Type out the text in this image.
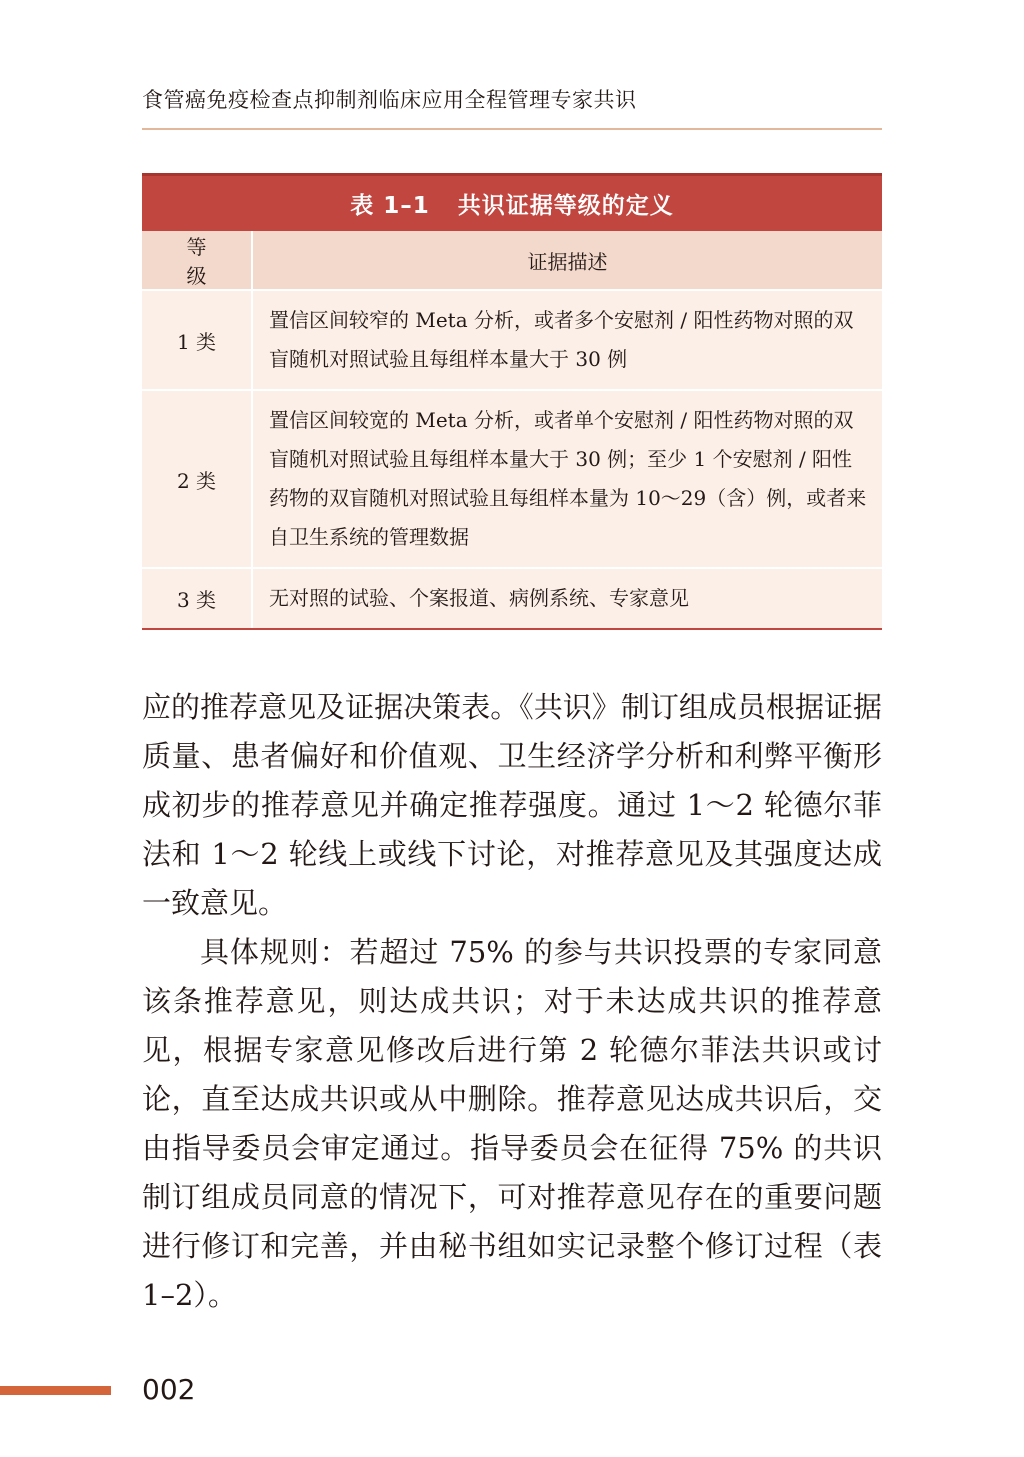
食管癌免疫检查点抑制剂临床应用全程管理专家共识
表 1–1 共识证据等级的定义
等 级	证据描述
1 类	置信区间较窄的 Meta 分析，或者多个安慰剂 / 阳性药物对照的双盲随机对照试验且每组样本量大于 30 例
2 类	置信区间较宽的 Meta 分析，或者单个安慰剂 / 阳性药物对照的双盲随机对照试验且每组样本量大于 30 例；至少 1 个安慰剂 / 阳性药物的双盲随机对照试验且每组样本量为 10～29（含）例，或者来自卫生系统的管理数据
3 类	无对照的试验、个案报道、病例系统、专家意见

应的推荐意见及证据决策表。《共识》制订组成员根据证据质量、患者偏好和价值观、卫生经济学分析和利弊平衡形成初步的推荐意见并确定推荐强度。通过 1～2 轮德尔菲法和 1～2 轮线上或线下讨论，对推荐意见及其强度达成一致意见。

具体规则：若超过 75% 的参与共识投票的专家同意该条推荐意见，则达成共识；对于未达成共识的推荐意见，根据专家意见修改后进行第 2 轮德尔菲法共识或讨论，直至达成共识或从中删除。推荐意见达成共识后，交由指导委员会审定通过。指导委员会在征得 75% 的共识制订组成员同意的情况下，可对推荐意见存在的重要问题进行修订和完善，并由秘书组如实记录整个修订过程（表 1–2）。

002
